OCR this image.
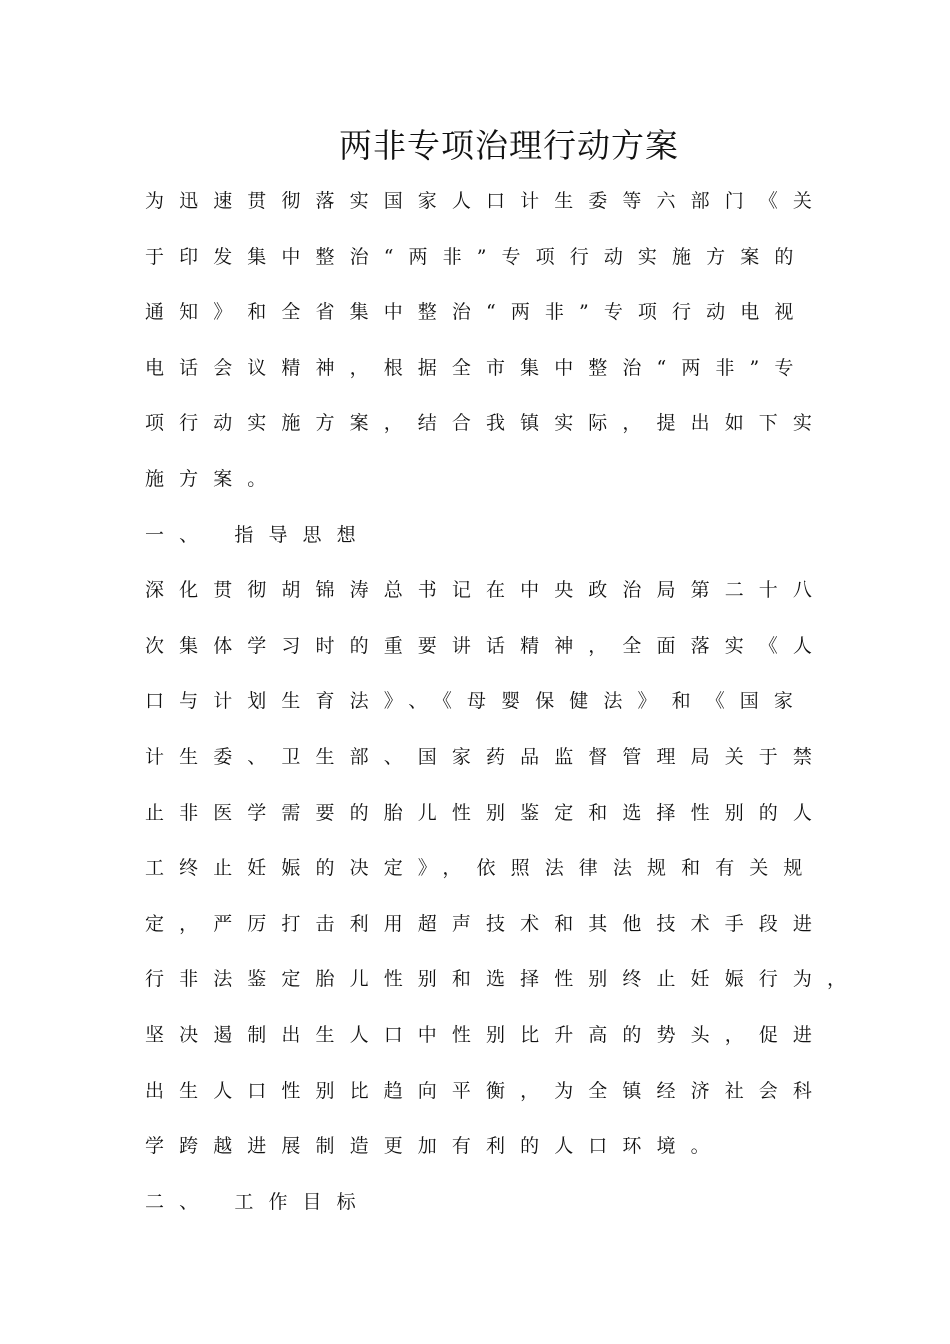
两非专项治理行动方案
为迅速贯彻落实国家人口计生委等六部门《关
于印发集中整治“两非”专项行动实施方案的
通知》和全省集中整治“两非”专项行动电视
电话会议精神，根据全市集中整治“两非”专
项行动实施方案，结合我镇实际，提出如下实
施方案。
一、 指导思想
深化贯彻胡锦涛总书记在中央政治局第二十八
次集体学习时的重要讲话精神，全面落实《人
口与计划生育法》、《母婴保健法》和《国家
计生委、卫生部、国家药品监督管理局关于禁
止非医学需要的胎儿性别鉴定和选择性别的人
工终止妊娠的决定》，依照法律法规和有关规
定，严厉打击利用超声技术和其他技术手段进
行非法鉴定胎儿性别和选择性别终止妊娠行为，
坚决遏制出生人口中性别比升高的势头，促进
出生人口性别比趋向平衡，为全镇经济社会科
学跨越进展制造更加有利的人口环境。
二、 工作目标
